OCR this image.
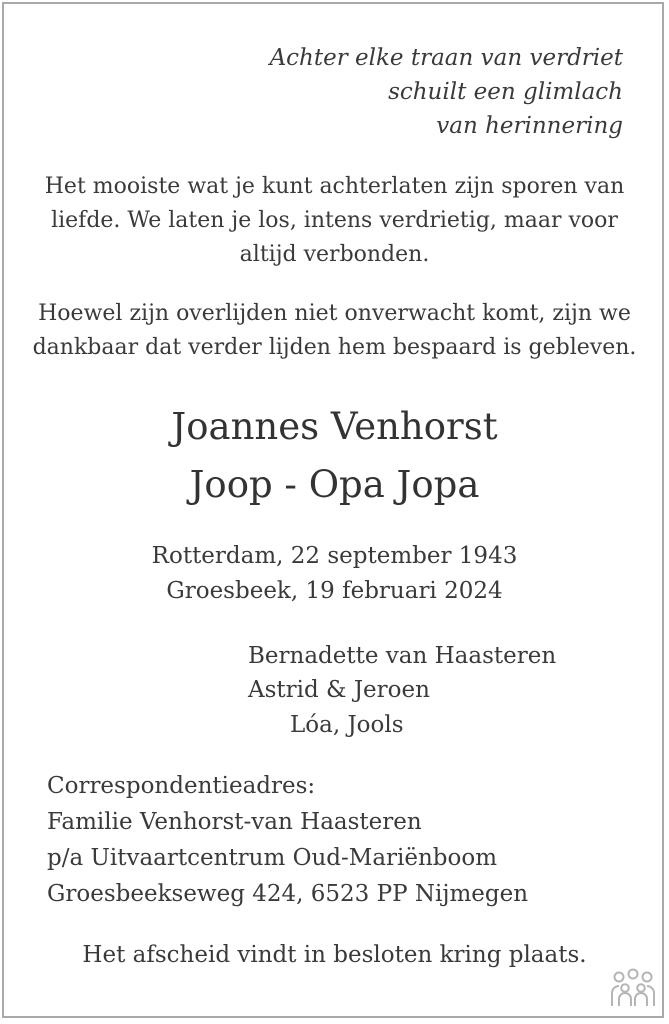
Achter elke traan van verdriet
schuilt een glimlach
van herinnering
Het mooiste wat je kunt achterlaten zijn sporen van
liefde. We laten je los, intens verdrietig, maar voor
altijd verbonden.
Hoewel zijn overlijden niet onverwacht komt, zijn we
dankbaar dat verder lijden hem bespaard is gebleven.
Joannes Venhorst
Joop - Opa Jopa
Rotterdam, 22 september 1943
Groesbeek, 19 februari 2024
Bernadette van Haasteren
Astrid & Jeroen
Lóa, Jools
Correspondentieadres:
Familie Venhorst-van Haasteren
p/a Uitvaartcentrum Oud-Mariënboom
Groesbeekseweg 424, 6523 PP Nijmegen
Het afscheid vindt in besloten kring plaats.
